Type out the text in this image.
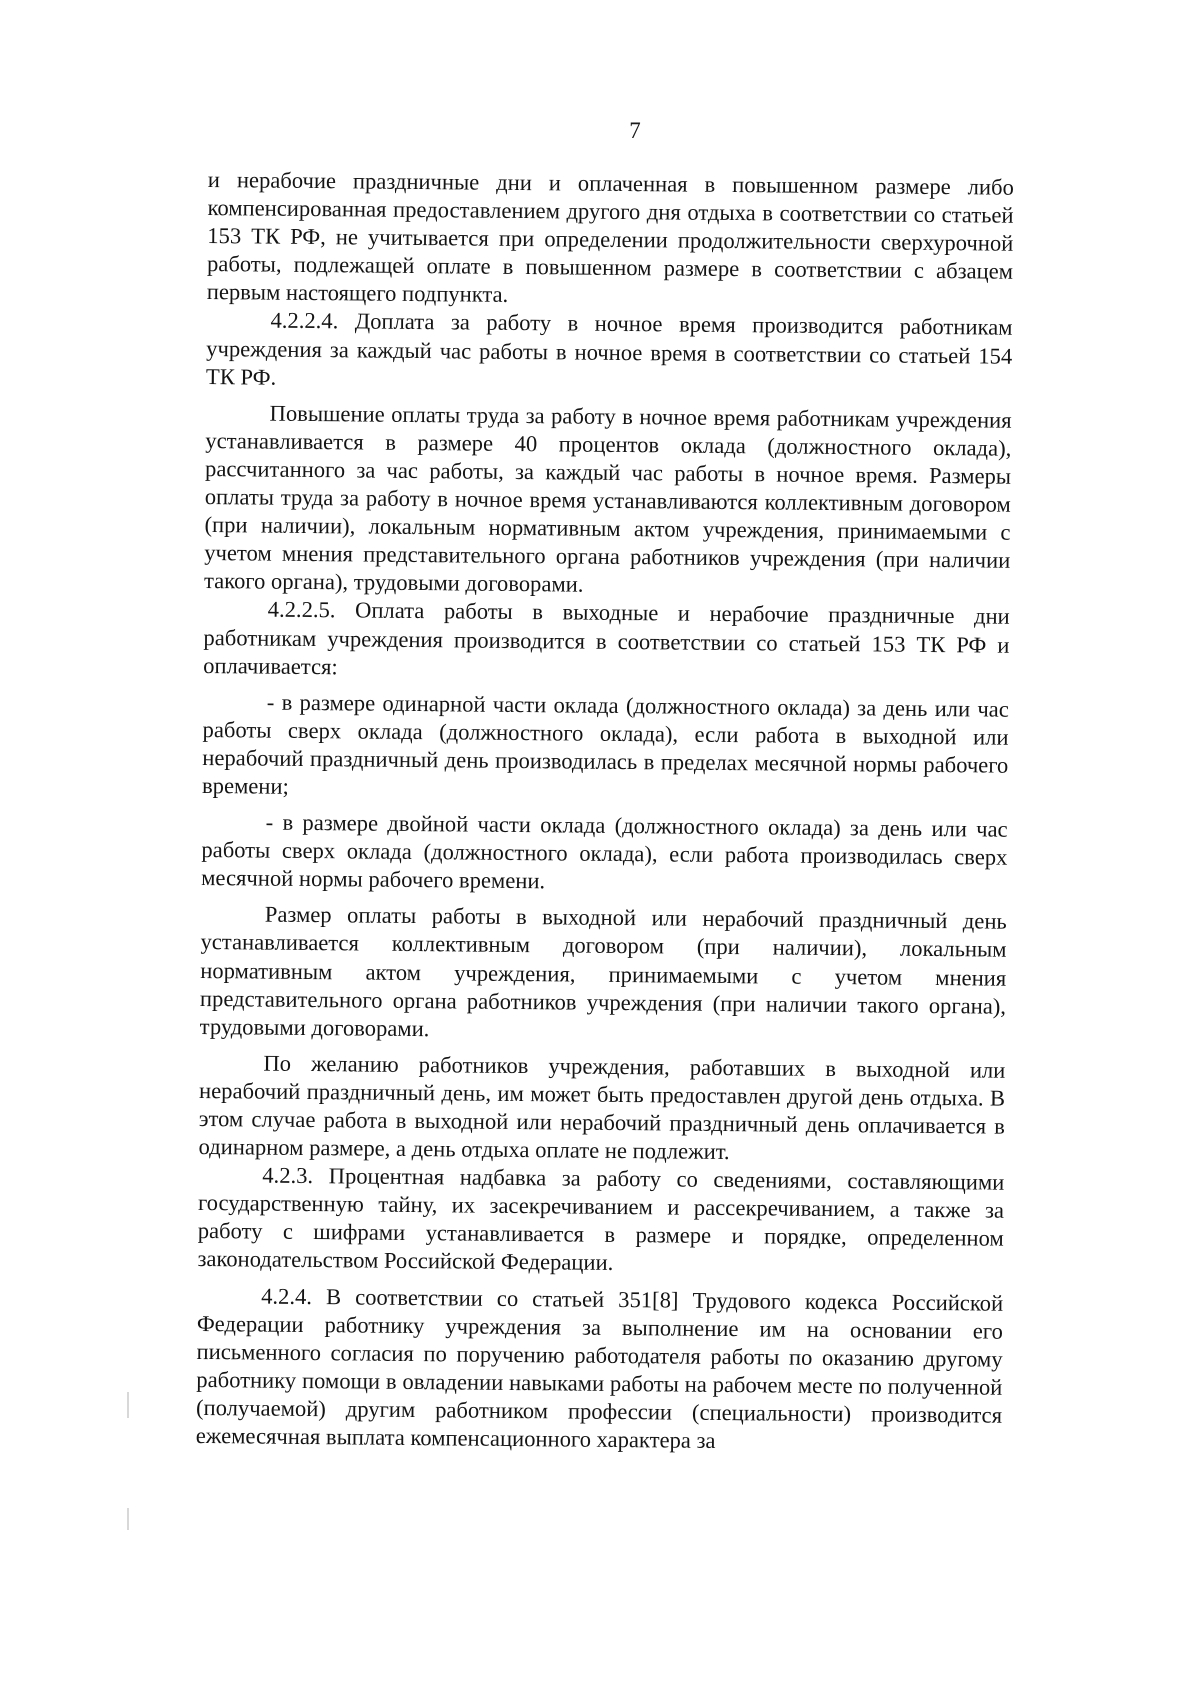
7

и нерабочие праздничные дни и оплаченная в повышенном размере либо компенсированная предоставлением другого дня отдыха в соответствии со статьей 153 ТК РФ, не учитывается при определении продолжительности сверхурочной работы, подлежащей оплате в повышенном размере в соответствии с абзацем первым настоящего подпункта.

4.2.2.4. Доплата за работу в ночное время производится работникам учреждения за каждый час работы в ночное время в соответствии со статьей 154 ТК РФ.

Повышение оплаты труда за работу в ночное время работникам учреждения устанавливается в размере 40 процентов оклада (должностного оклада), рассчитанного за час работы, за каждый час работы в ночное время. Размеры оплаты труда за работу в ночное время устанавливаются коллективным договором (при наличии), локальным нормативным актом учреждения, принимаемыми с учетом мнения представительного органа работников учреждения (при наличии такого органа), трудовыми договорами.

4.2.2.5. Оплата работы в выходные и нерабочие праздничные дни работникам учреждения производится в соответствии со статьей 153 ТК РФ и оплачивается:

- в размере одинарной части оклада (должностного оклада) за день или час работы сверх оклада (должностного оклада), если работа в выходной или нерабочий праздничный день производилась в пределах месячной нормы рабочего времени;

- в размере двойной части оклада (должностного оклада) за день или час работы сверх оклада (должностного оклада), если работа производилась сверх месячной нормы рабочего времени.

Размер оплаты работы в выходной или нерабочий праздничный день устанавливается коллективным договором (при наличии), локальным нормативным актом учреждения, принимаемыми с учетом мнения представительного органа работников учреждения (при наличии такого органа), трудовыми договорами.

По желанию работников учреждения, работавших в выходной или нерабочий праздничный день, им может быть предоставлен другой день отдыха. В этом случае работа в выходной или нерабочий праздничный день оплачивается в одинарном размере, а день отдыха оплате не подлежит.

4.2.3. Процентная надбавка за работу со сведениями, составляющими государственную тайну, их засекречиванием и рассекречиванием, а также за работу с шифрами устанавливается в размере и порядке, определенном законодательством Российской Федерации.

4.2.4. В соответствии со статьей 351[8] Трудового кодекса Российской Федерации работнику учреждения за выполнение им на основании его письменного согласия по поручению работодателя работы по оказанию другому работнику помощи в овладении навыками работы на рабочем месте по полученной (получаемой) другим работником профессии (специальности) производится ежемесячная выплата компенсационного характера за
